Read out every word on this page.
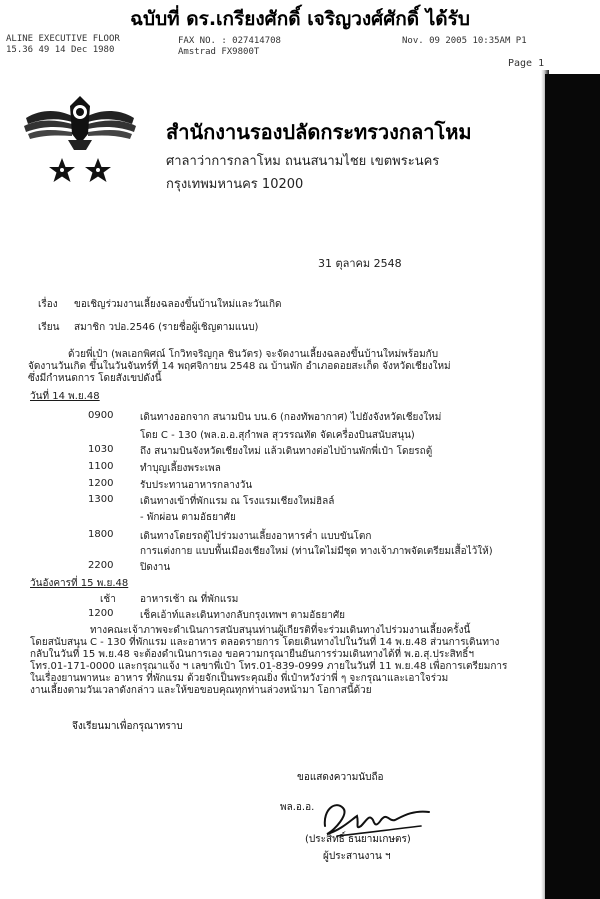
ฉบับที่ ดร.เกรียงศักดิ์ เจริญวงศ์ศักดิ์ ได้รับ
ALINE EXECUTIVE FLOOR
15.36 49 14 Dec 1980
FAX NO. : 027414708
Amstrad FX9800T
Nov. 09 2005 10:35AM P1
Page 1
สำนักงานรองปลัดกระทรวงกลาโหม
ศาลาว่าการกลาโหม ถนนสนามไชย เขตพระนคร
กรุงเทพมหานคร 10200
31 ตุลาคม 2548
เรื่อง ขอเชิญร่วมงานเลี้ยงฉลองขึ้นบ้านใหม่และวันเกิด
เรียน สมาชิก วปอ.2546 (รายชื่อผู้เชิญตามแนบ)
ด้วยพี่เป๋า (พลเอกพิศณ์ โกวิทจริญกุล ชินวัตร) จะจัดงานเลี้ยงฉลองขึ้นบ้านใหม่พร้อมกับ
จัดงานวันเกิด ขึ้นในวันจันทร์ที่ 14 พฤศจิกายน 2548 ณ บ้านพัก อำเภอดอยสะเก็ด จังหวัดเชียงใหม่
ซึ่งมีกำหนดการ โดยสังเขปดังนี้
วันที่ 14 พ.ย.48
0900	เดินทางออกจาก สนามบิน บน.6 (กองทัพอากาศ) ไปยังจังหวัดเชียงใหม่
โดย C - 130 (พล.อ.อ.สุกำพล สุวรรณทัต จัดเครื่องบินสนับสนุน)
1030	ถึง สนามบินจังหวัดเชียงใหม่ แล้วเดินทางต่อไปบ้านพักพี่เป๋า โดยรถตู้
1100	ทำบุญเลี้ยงพระเพล
1200	รับประทานอาหารกลางวัน
1300	เดินทางเข้าที่พักแรม ณ โรงแรมเชียงใหม่ฮิลล์
- พักผ่อน ตามอัธยาศัย
1800	เดินทางโดยรถตู้ไปร่วมงานเลี้ยงอาหารค่ำ แบบขันโตก
การแต่งกาย แบบพื้นเมืองเชียงใหม่ (ท่านใดไม่มีชุด ทางเจ้าภาพจัดเตรียมเสื้อไว้ให้)
2200	ปิดงาน
วันอังคารที่ 15 พ.ย.48
เช้า อาหารเช้า ณ ที่พักแรม
1200	เช็คเอ้าท์และเดินทางกลับกรุงเทพฯ ตามอัธยาศัย
ทางคณะเจ้าภาพจะดำเนินการสนับสนุนท่านผู้เกียรติที่จะร่วมเดินทางไปร่วมงานเลี้ยงครั้งนี้
โดยสนับสนุน C - 130 ที่พักแรม และอาหาร ตลอดรายการ โดยเดินทางไปในวันที่ 14 พ.ย.48 ส่วนการเดินทาง
กลับในวันที่ 15 พ.ย.48 จะต้องดำเนินการเอง ขอความกรุณายืนยันการร่วมเดินทางได้ที่ พ.อ.สุ.ประสิทธิ์ฯ
โทร.01-171-0000 และกรุณาแจ้ง ฯ เลขาพี่เป๋า โทร.01-839-0999 ภายในวันที่ 11 พ.ย.48 เพื่อการเตรียมการ
ในเรื่องยานพาหนะ อาหาร ที่พักแรม ด้วยจักเป็นพระคุณยิ่ง พี่เป๋าหวังว่าพี่ ๆ จะกรุณาและเอาใจร่วม
งานเลี้ยงตามวันเวลาดังกล่าว และให้ขอขอบคุณทุกท่านล่วงหน้ามา โอกาสนี้ด้วย
จึงเรียนมาเพื่อกรุณาทราบ
ขอแสดงความนับถือ
พล.อ.อ.
(ประสิทธิ์ ธนยามเกษตร)
ผู้ประสานงาน ฯ
